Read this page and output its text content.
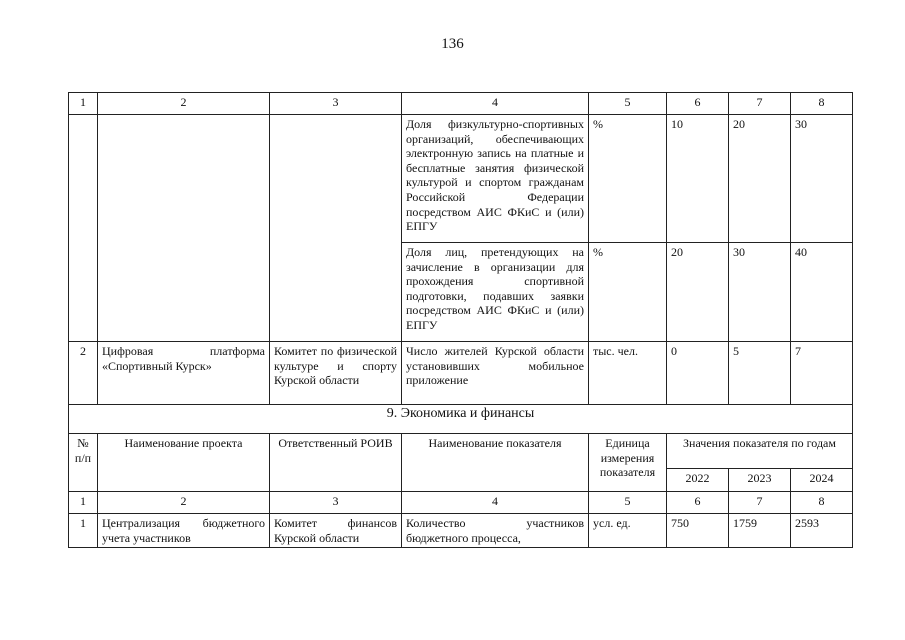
136
1	2	3	4	5	6	7	8
			Доля физкультурно-спортивных организаций, обеспечивающих электронную запись на платные и бесплатные занятия физической культурой и спортом гражданам Российской Федерации посредством АИС ФКиС и (или) ЕПГУ	%	10	20	30
			Доля лиц, претендующих на зачисление в организации для прохождения спортивной подготовки, подавших заявки посредством АИС ФКиС и (или) ЕПГУ	%	20	30	40
2	Цифровая платформа «Спортивный Курск»	Комитет по физической культуре и спорту Курской области	Число жителей Курской области установивших мобильное приложение	тыс. чел.	0	5	7
9. Экономика и финансы							
№ п/п	Наименование проекта	Ответственный РОИВ	Наименование показателя	Единица измерения показателя	Значения показателя по годам		
					2022	2023	2024
1	2	3	4	5	6	7	8
1	Централизация бюджетного учета участников	Комитет финансов Курской области	Количество участников бюджетного процесса,	усл. ед.	750	1759	2593
